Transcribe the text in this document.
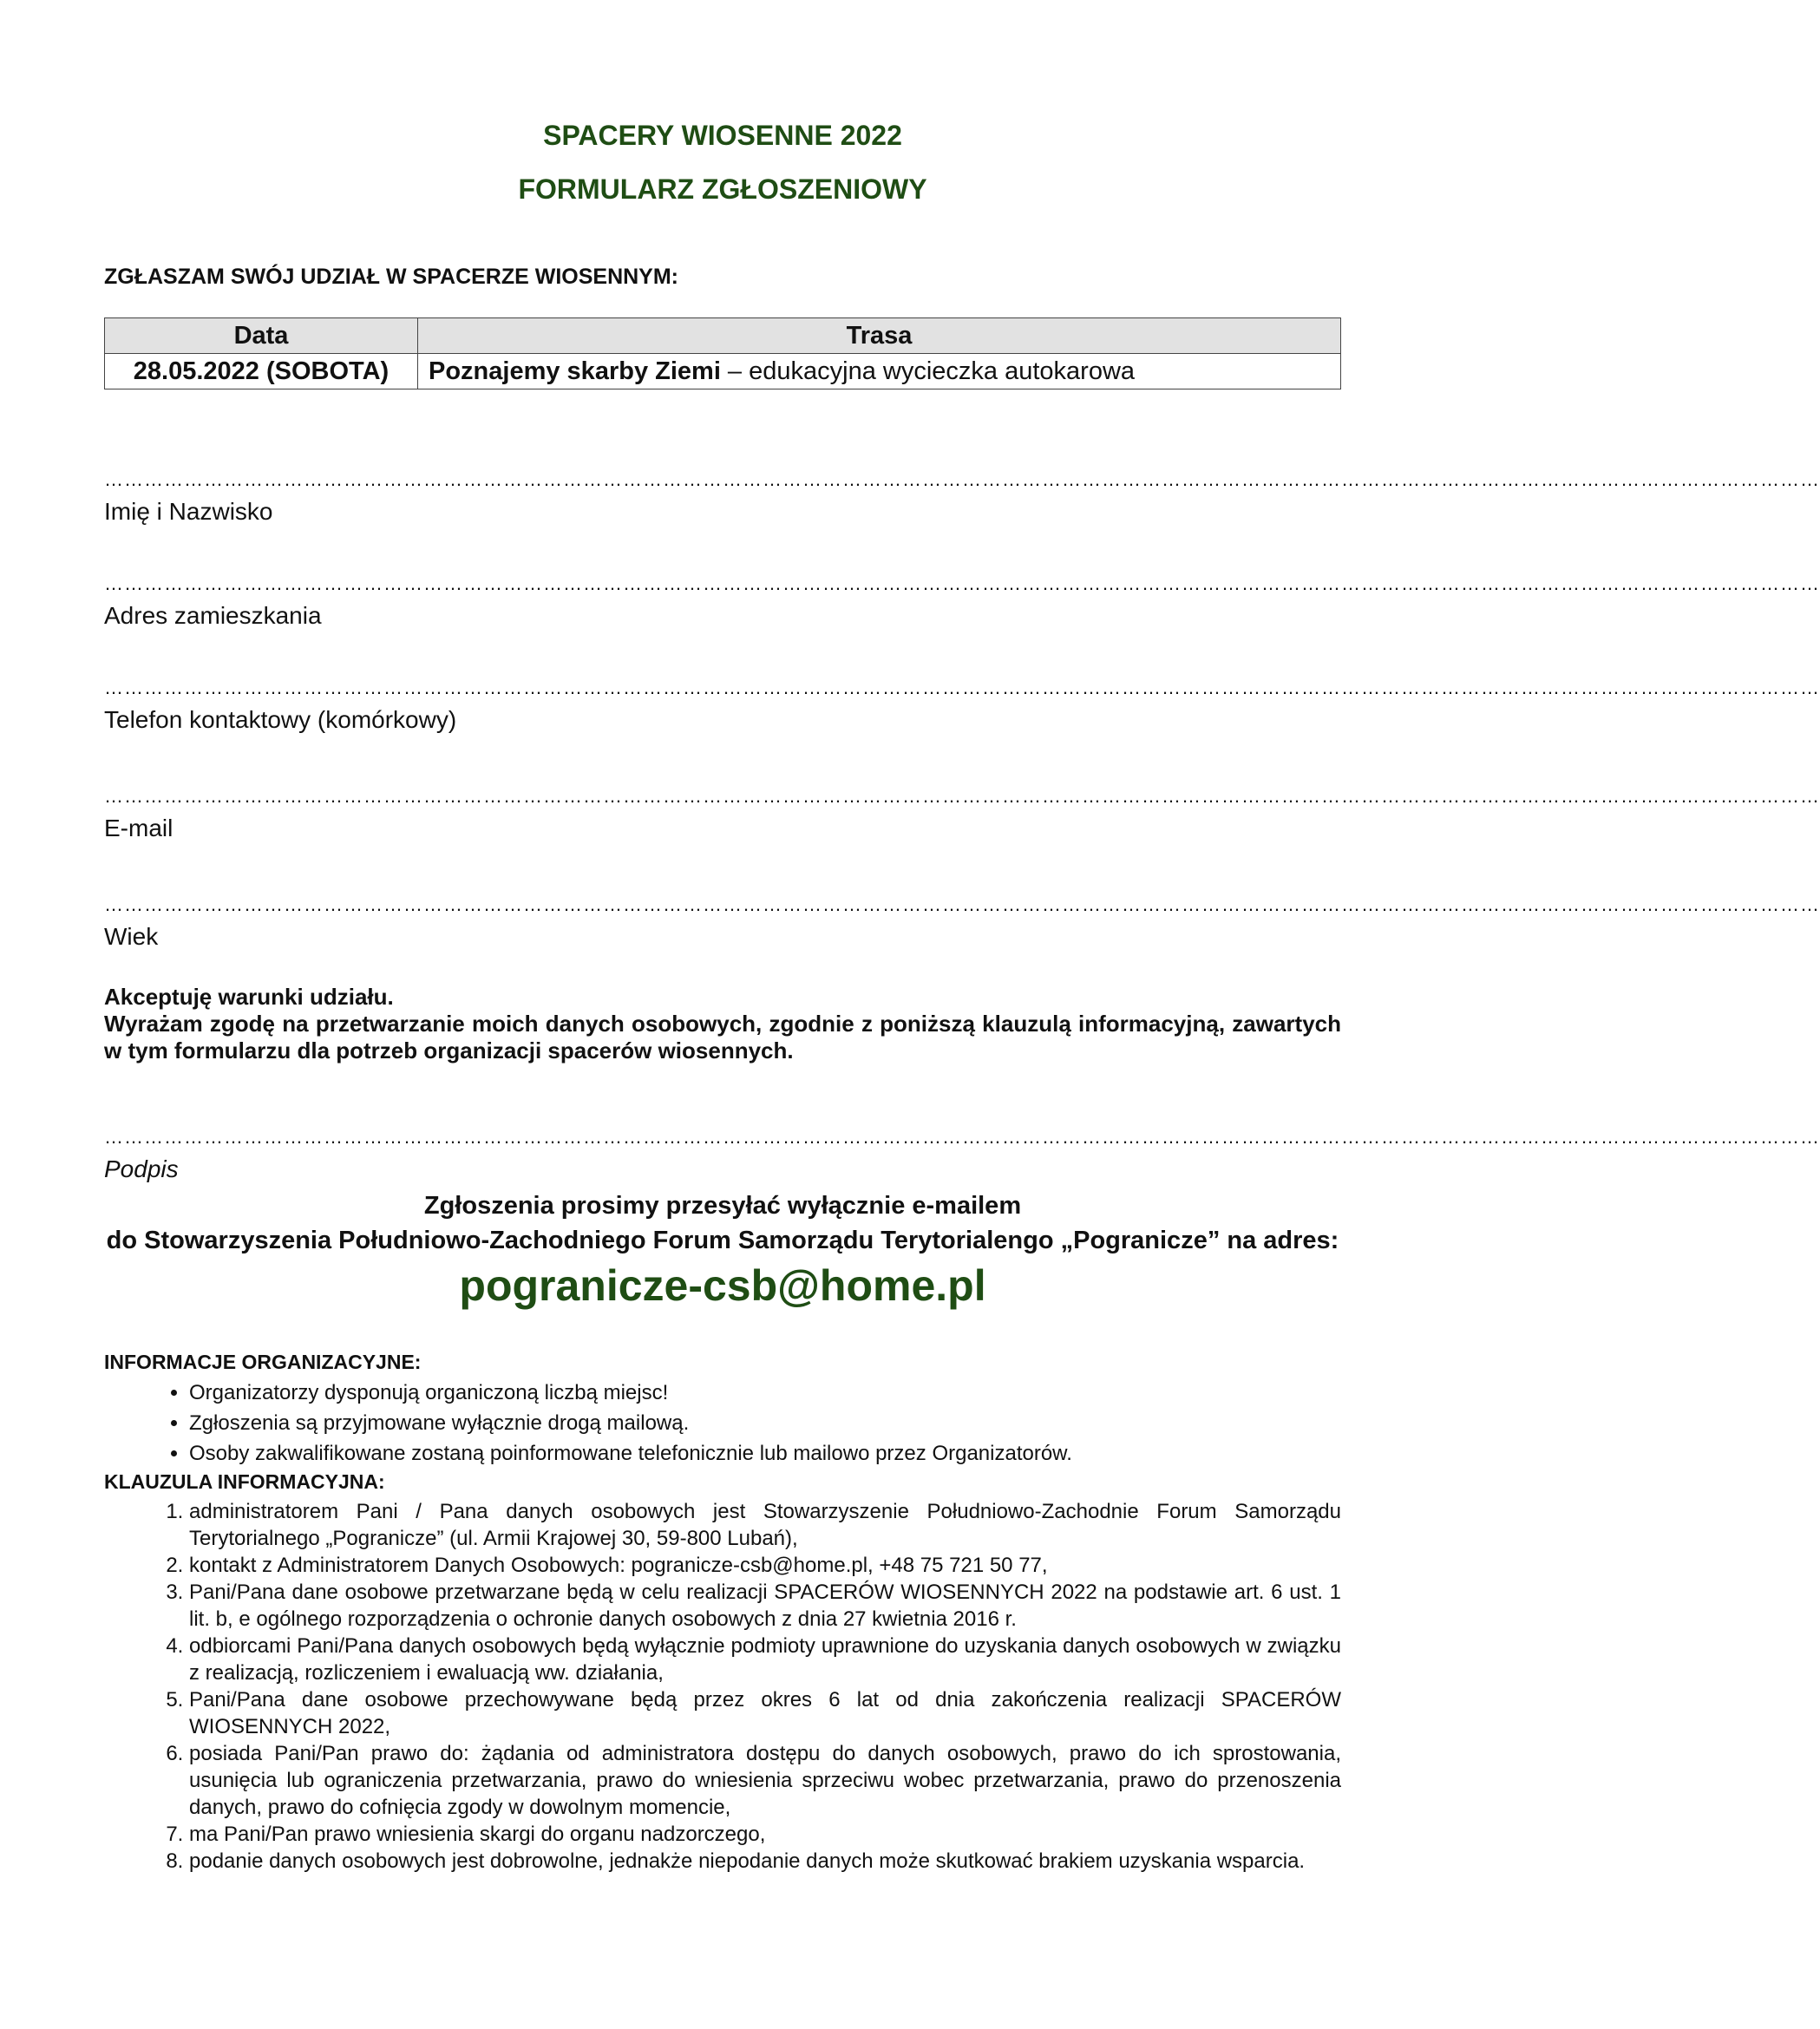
SPACERY WIOSENNE 2022
FORMULARZ ZGŁOSZENIOWY

ZGŁASZAM SWÓJ UDZIAŁ W SPACERZE WIOSENNYM:

Data	Trasa
28.05.2022 (SOBOTA)	Poznajemy skarby Ziemi – edukacyjna wycieczka autokarowa
……………………………………………………………………………………………………………………………………………………………………………………………………………………………………
Imię i Nazwisko
……………………………………………………………………………………………………………………………………………………………………………………………………………………………………
Adres zamieszkania
……………………………………………………………………………………………………………………………………………………………………………………………………………………………………
Telefon kontaktowy (komórkowy)
……………………………………………………………………………………………………………………………………………………………………………………………………………………………………
E-mail
……………………………………………………………………………………………………………………………………………………………………………………………………………………………………
Wiek
Akceptuję warunki udziału.
Wyrażam zgodę na przetwarzanie moich danych osobowych, zgodnie z poniższą klauzulą informacyjną, zawartych w tym formularzu dla potrzeb organizacji spacerów wiosennych.
……………………………………………………………………………………………………………………………………………………………………………………………………………………………………
Podpis
Zgłoszenia prosimy przesyłać wyłącznie e-mailem
do Stowarzyszenia Południowo-Zachodniego Forum Samorządu Terytorialengo „Pogranicze” na adres:
pogranicze-csb@home.pl
INFORMACJE ORGANIZACYJNE:
• Organizatorzy dysponują organiczoną liczbą miejsc!
• Zgłoszenia są przyjmowane wyłącznie drogą mailową.
• Osoby zakwalifikowane zostaną poinformowane telefonicznie lub mailowo przez Organizatorów.
KLAUZULA INFORMACYJNA:
1. administratorem Pani / Pana danych osobowych jest Stowarzyszenie Południowo-Zachodnie Forum Samorządu Terytorialnego „Pogranicze” (ul. Armii Krajowej 30, 59-800 Lubań),
2. kontakt z Administratorem Danych Osobowych: pogranicze-csb@home.pl, +48 75 721 50 77,
3. Pani/Pana dane osobowe przetwarzane będą w celu realizacji SPACERÓW WIOSENNYCH 2022 na podstawie art. 6 ust. 1 lit. b, e ogólnego rozporządzenia o ochronie danych osobowych z dnia 27 kwietnia 2016 r.
4. odbiorcami Pani/Pana danych osobowych będą wyłącznie podmioty uprawnione do uzyskania danych osobowych w związku z realizacją, rozliczeniem i ewaluacją ww. działania,
5. Pani/Pana dane osobowe przechowywane będą przez okres 6 lat od dnia zakończenia realizacji SPACERÓW WIOSENNYCH 2022,
6. posiada Pani/Pan prawo do: żądania od administratora dostępu do danych osobowych, prawo do ich sprostowania, usunięcia lub ograniczenia przetwarzania, prawo do wniesienia sprzeciwu wobec przetwarzania, prawo do przenoszenia danych, prawo do cofnięcia zgody w dowolnym momencie,
7. ma Pani/Pan prawo wniesienia skargi do organu nadzorczego,
8. podanie danych osobowych jest dobrowolne, jednakże niepodanie danych może skutkować brakiem uzyskania wsparcia.
